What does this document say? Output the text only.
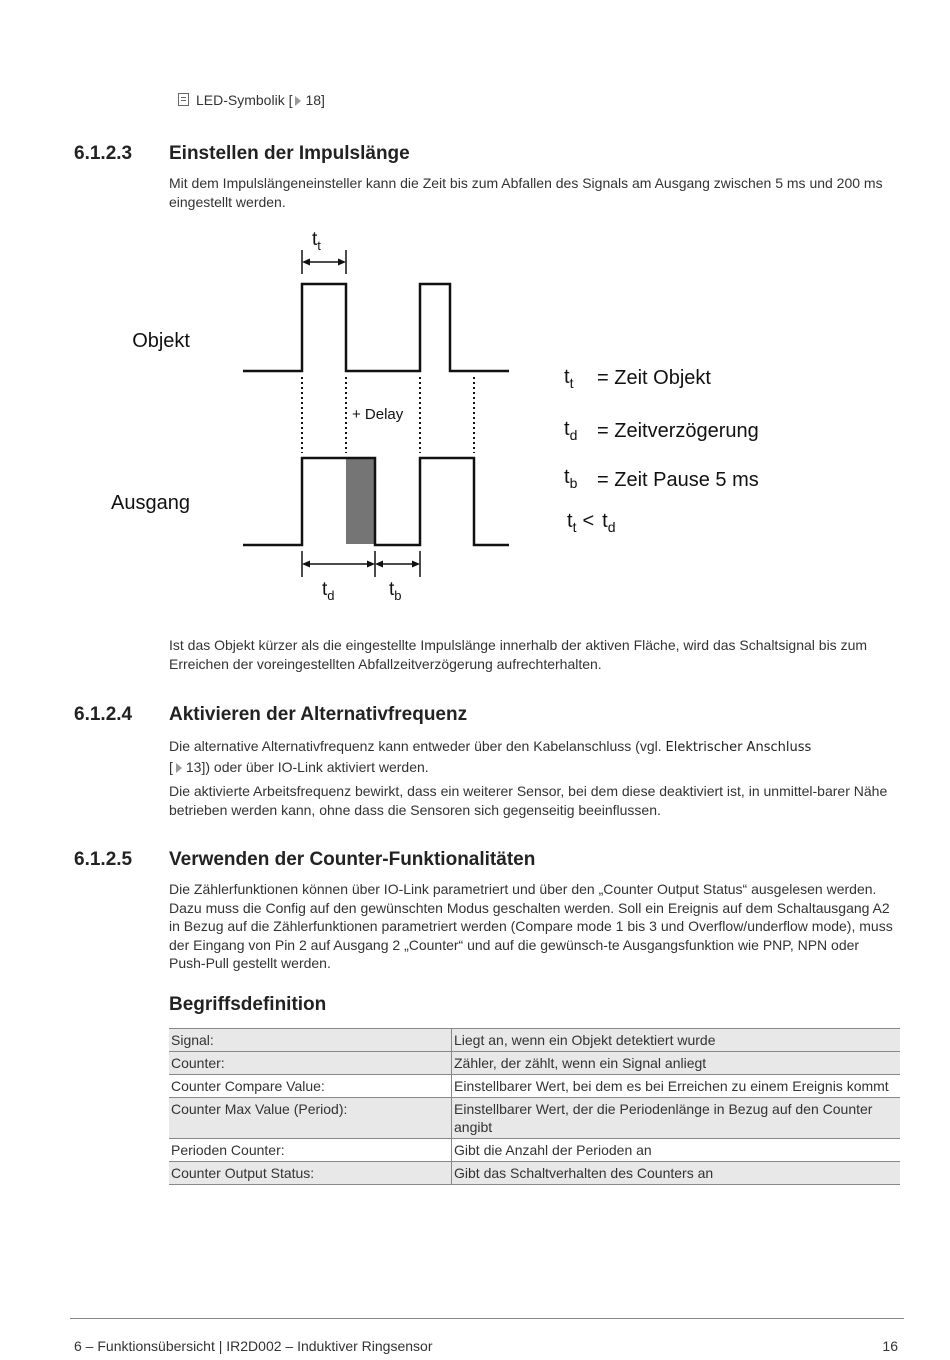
LED-Symbolik [ 18]
6.1.2.3 Einstellen der Impulslänge

Mit dem Impulslängeneinsteller kann die Zeit bis zum Abfallen des Signals am Ausgang zwischen 5 ms und 200 ms eingestellt werden.

$t_t$
Objekt
+ Delay
Ausgang
$t_d$	$t_b$
$t_t$ = Zeit Objekt
$t_d$ = Zeitverzögerung
$t_b$ = Zeit Pause 5 ms
$t_t < t_d$

Ist das Objekt kürzer als die eingestellte Impulslänge innerhalb der aktiven Fläche, wird das Schaltsignal bis zum Erreichen der voreingestellten Abfallzeitverzögerung aufrechterhalten.

6.1.2.4 Aktivieren der Alternativfrequenz

Die alternative Alternativfrequenz kann entweder über den Kabelanschluss (vgl. Elektrischer Anschluss
[ 13]) oder über IO-Link aktiviert werden.

Die aktivierte Arbeitsfrequenz bewirkt, dass ein weiterer Sensor, bei dem diese deaktiviert ist, in unmittel-barer Nähe betrieben werden kann, ohne dass die Sensoren sich gegenseitig beeinflussen.

6.1.2.5 Verwenden der Counter-Funktionalitäten

Die Zählerfunktionen können über IO-Link parametriert und über den „Counter Output Status“ ausgelesen werden. Dazu muss die Config auf den gewünschten Modus geschalten werden. Soll ein Ereignis auf dem Schaltausgang A2 in Bezug auf die Zählerfunktionen parametriert werden (Compare mode 1 bis 3 und Overflow/underflow mode), muss der Eingang von Pin 2 auf Ausgang 2 „Counter“ und auf die gewünsch-te Ausgangsfunktion wie PNP, NPN oder Push-Pull gestellt werden.

Begriffsdefinition
Signal:	Liegt an, wenn ein Objekt detektiert wurde
Counter:	Zähler, der zählt, wenn ein Signal anliegt
Counter Compare Value:	Einstellbarer Wert, bei dem es bei Erreichen zu einem Ereignis kommt
Counter Max Value (Period):	Einstellbarer Wert, der die Periodenlänge in Bezug auf den Counter angibt
Perioden Counter:	Gibt die Anzahl der Perioden an
Counter Output Status:	Gibt das Schaltverhalten des Counters an
6 – Funktionsübersicht | IR2D002 – Induktiver Ringsensor	16
